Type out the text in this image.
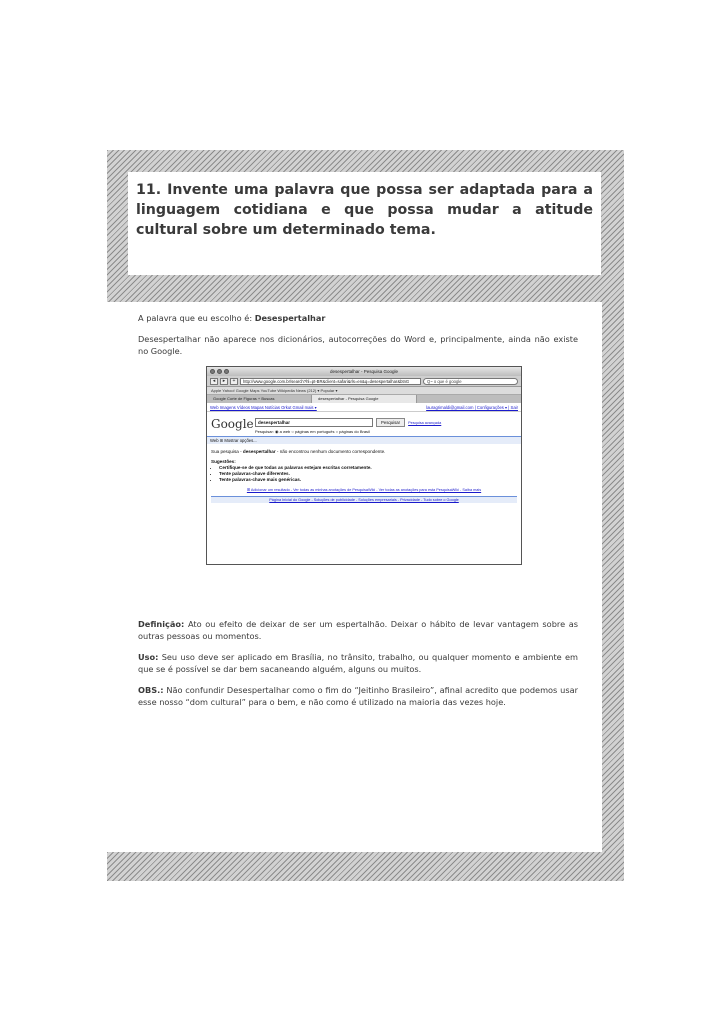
11. Invente uma palavra que possa ser adaptada para a linguagem cotidiana e que possa mudar a atitude cultural sobre um determinado tema.

A palavra que eu escolho é: Desespertalhar

Desespertalhar não aparece nos dicionários, autocorreções do Word e, principalmente, ainda não existe no Google.

desespertalhar - Pesquisa Google
◂	▸	+	http://www.google.com.br/search?hl=pt-BR&client=safari&rls=en&q=desespertalhar&btnG	Q~ o que é google
Apple Yahoo! Google Maps YouTube Wikipedia News (212) ▾ Popular ▾
Google Corte de Figuras + Buscas	desespertalhar - Pesquisa Google
Web Imagens Vídeos Mapas Notícias Orkut Gmail mais ▾	lauragrimaldi@gmail.com | Configurações ▾ | Sair
Google desespertalhar	Pesquisar	Pesquisa avançada
Pesquisar: ◉ a web ○ páginas em português ○ páginas do Brasil
Web ⊞ Mostrar opções...
Sua pesquisa - desespertalhar - não encontrou nenhum documento correspondente.
Sugestões:
• Certifique-se de que todas as palavras estejam escritas corretamente.
• Tente palavras-chave diferentes.
• Tente palavras-chave mais genéricas.
⊞ Adicionar um resultado - Ver todas as minhas anotações de PesquisaWiki - Ver todas as anotações para esta PesquisaWiki - Saiba mais
Página Inicial do Google - Soluções de publicidade - Soluções empresariais - Privacidade - Tudo sobre o Google

Definição: Ato ou efeito de deixar de ser um espertalhão. Deixar o hábito de levar vantagem sobre as outras pessoas ou momentos.

Uso: Seu uso deve ser aplicado em Brasília, no trânsito, trabalho, ou qualquer momento e ambiente em que se é possível se dar bem sacaneando alguém, alguns ou muitos.

OBS.: Não confundir Desespertalhar como o fim do “Jeitinho Brasileiro”, afinal acredito que podemos usar esse nosso “dom cultural” para o bem, e não como é utilizado na maioria das vezes hoje.
